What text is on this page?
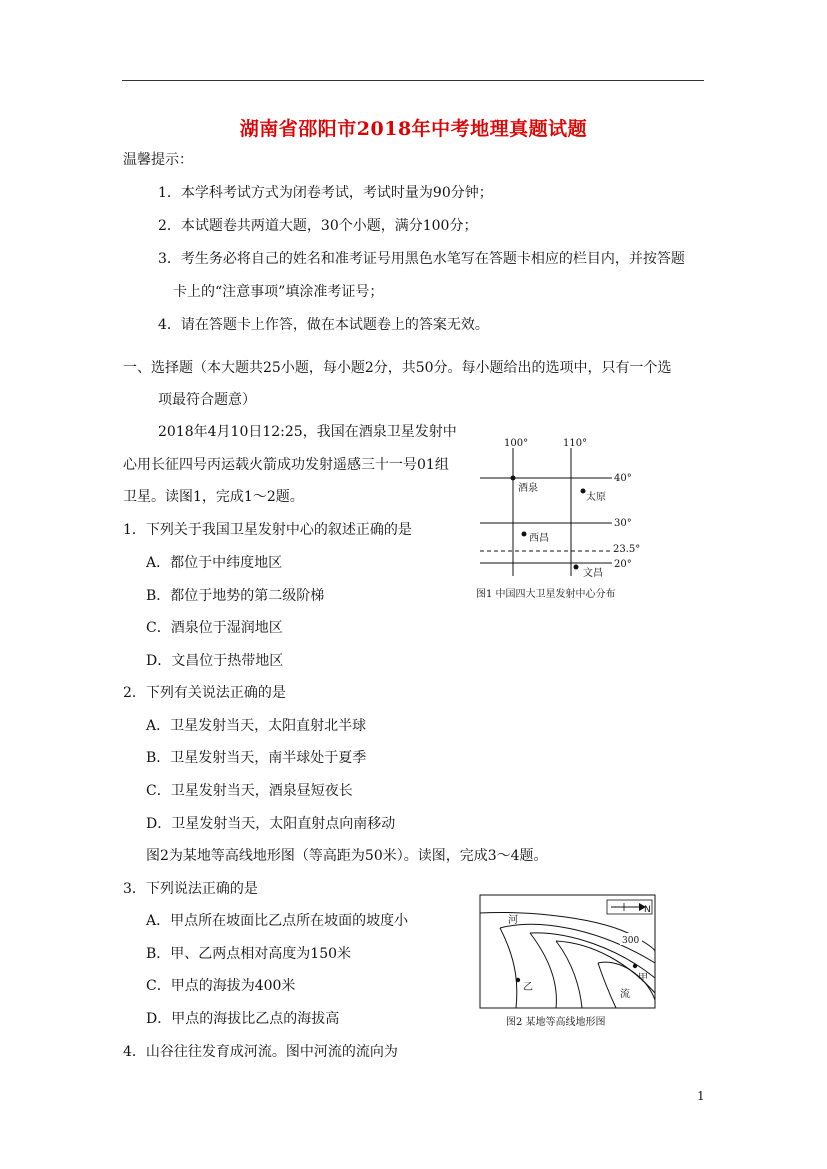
湖南省邵阳市2018年中考地理真题试题
温馨提示：
1．本学科考试方式为闭卷考试，考试时量为90分钟；
2．本试题卷共两道大题，30个小题，满分100分；
3．考生务必将自己的姓名和准考证号用黑色水笔写在答题卡相应的栏目内，并按答题
卡上的“注意事项”填涂准考证号；
4．请在答题卡上作答，做在本试题卷上的答案无效。
一、选择题（本大题共25小题，每小题2分，共50分。每小题给出的选项中，只有一个选
项最符合题意）
2018年4月10日12:25，我国在酒泉卫星发射中
心用长征四号丙运载火箭成功发射遥感三十一号01组
卫星。读图1，完成1～2题。
1．下列关于我国卫星发射中心的叙述正确的是
A．都位于中纬度地区
B．都位于地势的第二级阶梯
C．酒泉位于湿润地区
D．文昌位于热带地区
2．下列有关说法正确的是
A．卫星发射当天，太阳直射北半球
B．卫星发射当天，南半球处于夏季
C．卫星发射当天，酒泉昼短夜长
D．卫星发射当天，太阳直射点向南移动
图2为某地等高线地形图（等高距为50米）。读图，完成3～4题。
3．下列说法正确的是
A．甲点所在坡面比乙点所在坡面的坡度小
B．甲、乙两点相对高度为150米
C．甲点的海拔为400米
D．甲点的海拔比乙点的海拔高
4．山谷往往发育成河流。图中河流的流向为
100°	110°
40°
30°
23.5°
20°
酒泉
太原
西昌
文昌
图1 中国四大卫星发射中心分布
N
300
河
流
甲
乙
图2 某地等高线地形图
1
